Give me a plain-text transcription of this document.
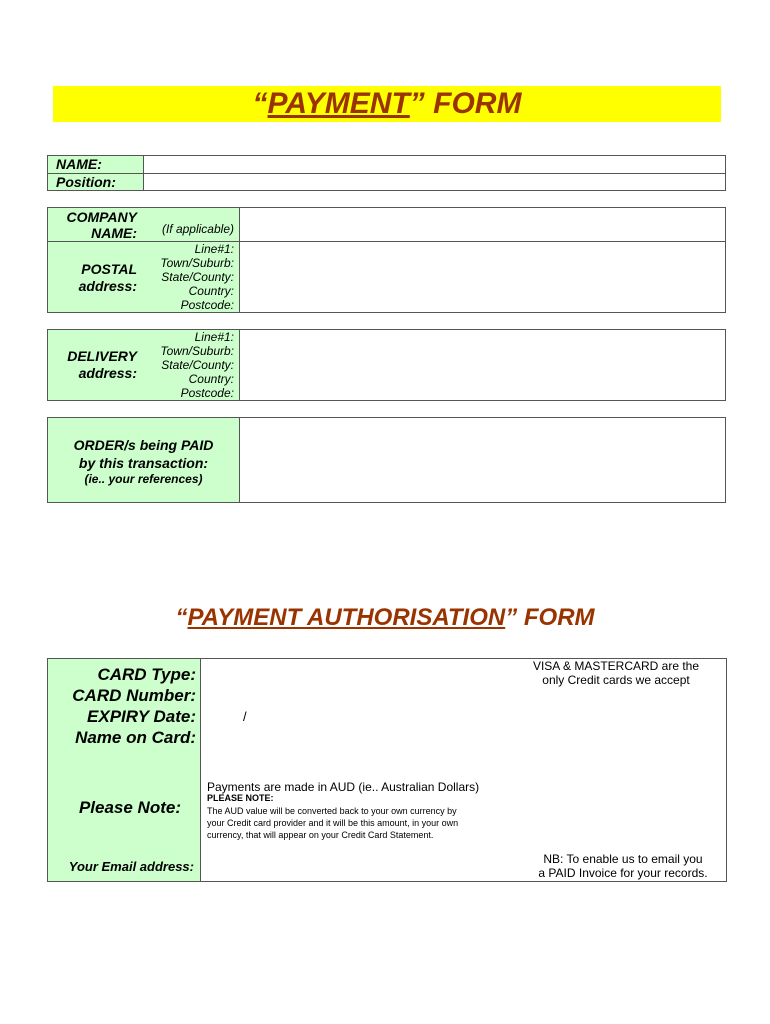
“PAYMENT” FORM
NAME:
Position:
COMPANY
NAME:	(If applicable)
POSTAL
address:
Line#1:
Town/Suburb:
State/County:
Country:
Postcode:
DELIVERY
address:
Line#1:
Town/Suburb:
State/County:
Country:
Postcode:
ORDER/s being PAID
by this transaction:
(ie.. your references)
“PAYMENT AUTHORISATION” FORM
CARD Type:
CARD Number:
EXPIRY Date:
Name on Card:
/
VISA & MASTERCARD are the
only Credit cards we accept
Please Note:
Payments are made in AUD (ie.. Australian Dollars)
PLEASE NOTE:
The AUD value will be converted back to your own currency by
your Credit card provider and it will be this amount, in your own
currency, that will appear on your Credit Card Statement.
Your Email address:	NB: To enable us to email you
a PAID Invoice for your records.
